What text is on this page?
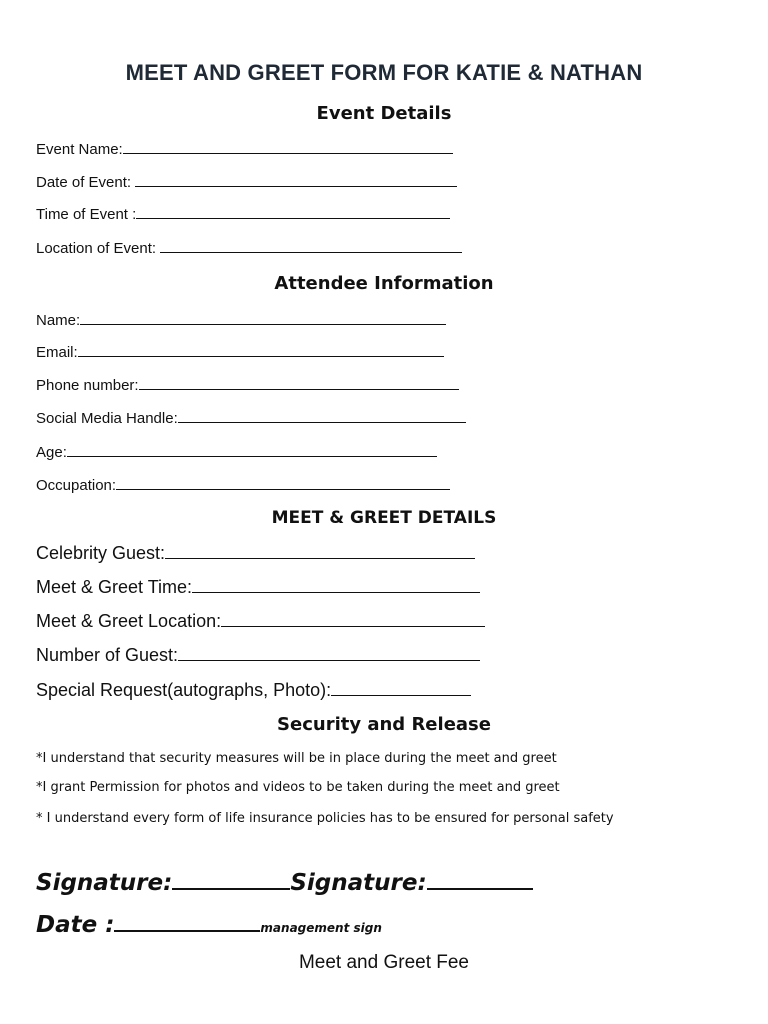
MEET AND GREET FORM FOR KATIE & NATHAN
Event Details
Event Name:
Date of Event:
Time of Event :
Location of Event:
Attendee Information
Name:
Email:
Phone number:
Social Media Handle:
Age:
Occupation:
MEET & GREET DETAILS
Celebrity Guest:
Meet & Greet Time:
Meet & Greet Location:
Number of Guest:
Special Request(autographs, Photo):
Security and Release
*I understand that security measures will be in place during the meet and greet
*I grant Permission for photos and videos to be taken during the meet and greet
* I understand every form of life insurance policies has to be ensured for personal safety
Signature:	Signature:
Date :	management sign

Meet and Greet Fee
